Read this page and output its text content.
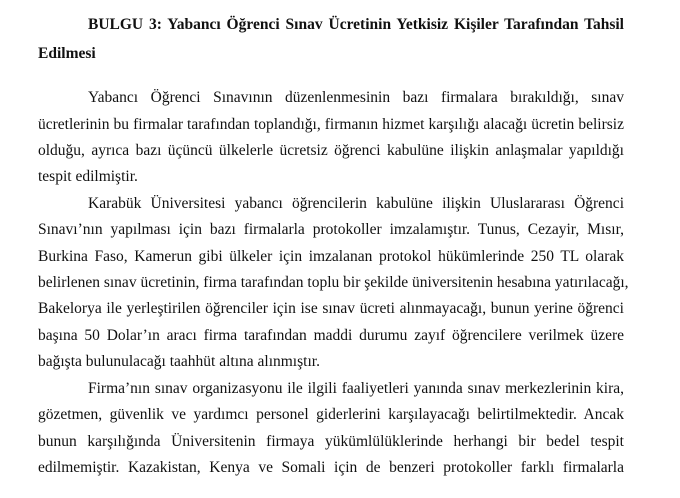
BULGU 3: Yabancı Öğrenci Sınav Ücretinin Yetkisiz Kişiler Tarafından Tahsil
Edilmesi
Yabancı Öğrenci Sınavının düzenlenmesinin bazı firmalara bırakıldığı, sınav
ücretlerinin bu firmalar tarafından toplandığı, firmanın hizmet karşılığı alacağı ücretin belirsiz
olduğu, ayrıca bazı üçüncü ülkelerle ücretsiz öğrenci kabulüne ilişkin anlaşmalar yapıldığı
tespit edilmiştir.
Karabük Üniversitesi yabancı öğrencilerin kabulüne ilişkin Uluslararası Öğrenci
Sınavı’nın yapılması için bazı firmalarla protokoller imzalamıştır. Tunus, Cezayir, Mısır,
Burkina Faso, Kamerun gibi ülkeler için imzalanan protokol hükümlerinde 250 TL olarak
belirlenen sınav ücretinin, firma tarafından toplu bir şekilde üniversitenin hesabına yatırılacağı,
Bakelorya ile yerleştirilen öğrenciler için ise sınav ücreti alınmayacağı, bunun yerine öğrenci
başına 50 Dolar’ın aracı firma tarafından maddi durumu zayıf öğrencilere verilmek üzere
bağışta bulunulacağı taahhüt altına alınmıştır.
Firma’nın sınav organizasyonu ile ilgili faaliyetleri yanında sınav merkezlerinin kira,
gözetmen, güvenlik ve yardımcı personel giderlerini karşılayacağı belirtilmektedir. Ancak
bunun karşılığında Üniversitenin firmaya yükümlülüklerinde herhangi bir bedel tespit
edilmemiştir. Kazakistan, Kenya ve Somali için de benzeri protokoller farklı firmalarla
